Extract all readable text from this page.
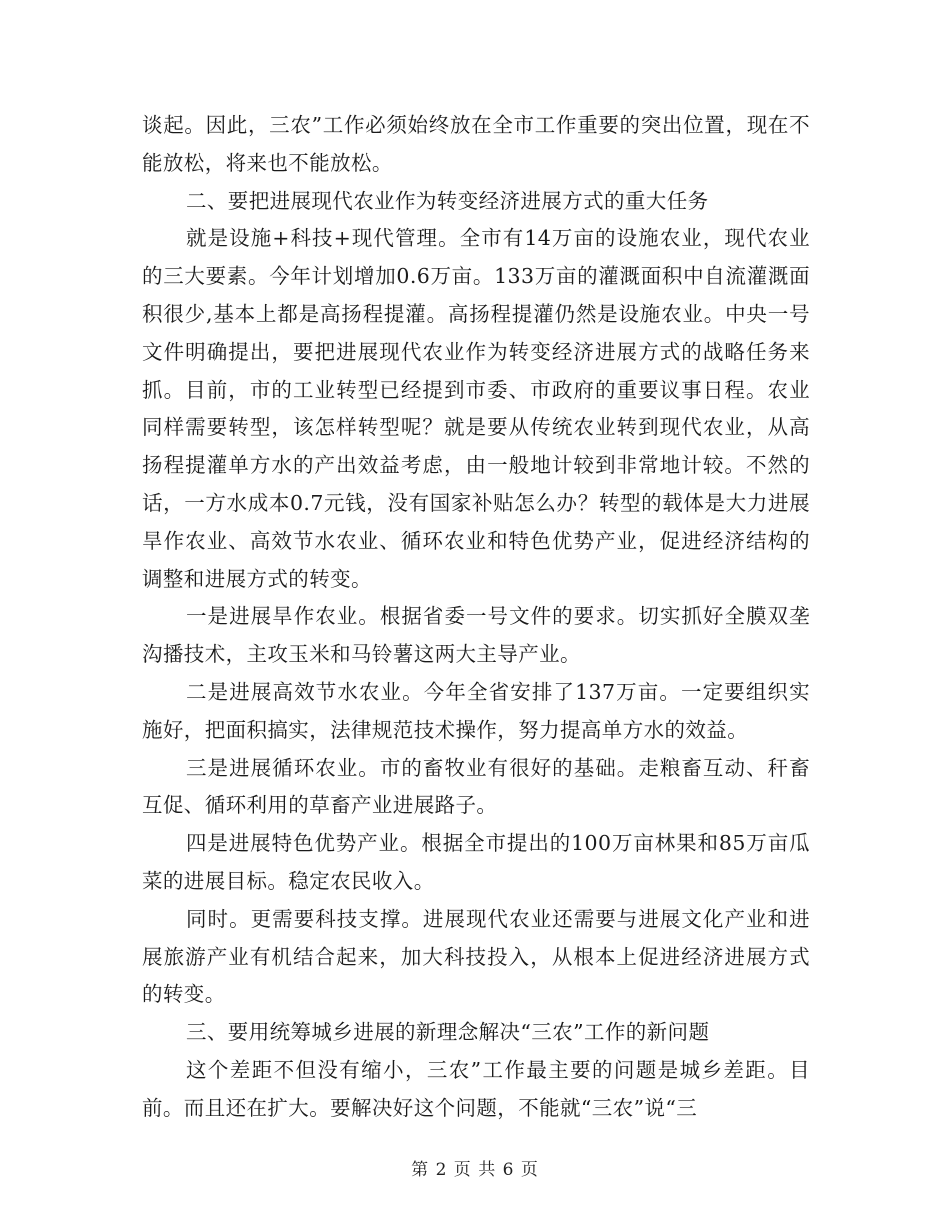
谈起。因此，三农”工作必须始终放在全市工作重要的突出位置，现在不能放松，将来也不能放松。

二、要把进展现代农业作为转变经济进展方式的重大任务

就是设施+科技+现代管理。全市有14万亩的设施农业，现代农业的三大要素。今年计划增加0.6万亩。133万亩的灌溉面积中自流灌溉面积很少,基本上都是高扬程提灌。高扬程提灌仍然是设施农业。中央一号文件明确提出，要把进展现代农业作为转变经济进展方式的战略任务来抓。目前，市的工业转型已经提到市委、市政府的重要议事日程。农业同样需要转型，该怎样转型呢？就是要从传统农业转到现代农业，从高扬程提灌单方水的产出效益考虑，由一般地计较到非常地计较。不然的话，一方水成本0.7元钱，没有国家补贴怎么办？转型的载体是大力进展旱作农业、高效节水农业、循环农业和特色优势产业，促进经济结构的调整和进展方式的转变。

一是进展旱作农业。根据省委一号文件的要求。切实抓好全膜双垄沟播技术，主攻玉米和马铃薯这两大主导产业。

二是进展高效节水农业。今年全省安排了137万亩。一定要组织实施好，把面积搞实，法律规范技术操作，努力提高单方水的效益。

三是进展循环农业。市的畜牧业有很好的基础。走粮畜互动、秆畜互促、循环利用的草畜产业进展路子。

四是进展特色优势产业。根据全市提出的100万亩林果和85万亩瓜菜的进展目标。稳定农民收入。

同时。更需要科技支撑。进展现代农业还需要与进展文化产业和进展旅游产业有机结合起来，加大科技投入，从根本上促进经济进展方式的转变。

三、要用统筹城乡进展的新理念解决“三农”工作的新问题

这个差距不但没有缩小，三农”工作最主要的问题是城乡差距。目前。而且还在扩大。要解决好这个问题，不能就“三农”说“三

第 2 页 共 6 页
